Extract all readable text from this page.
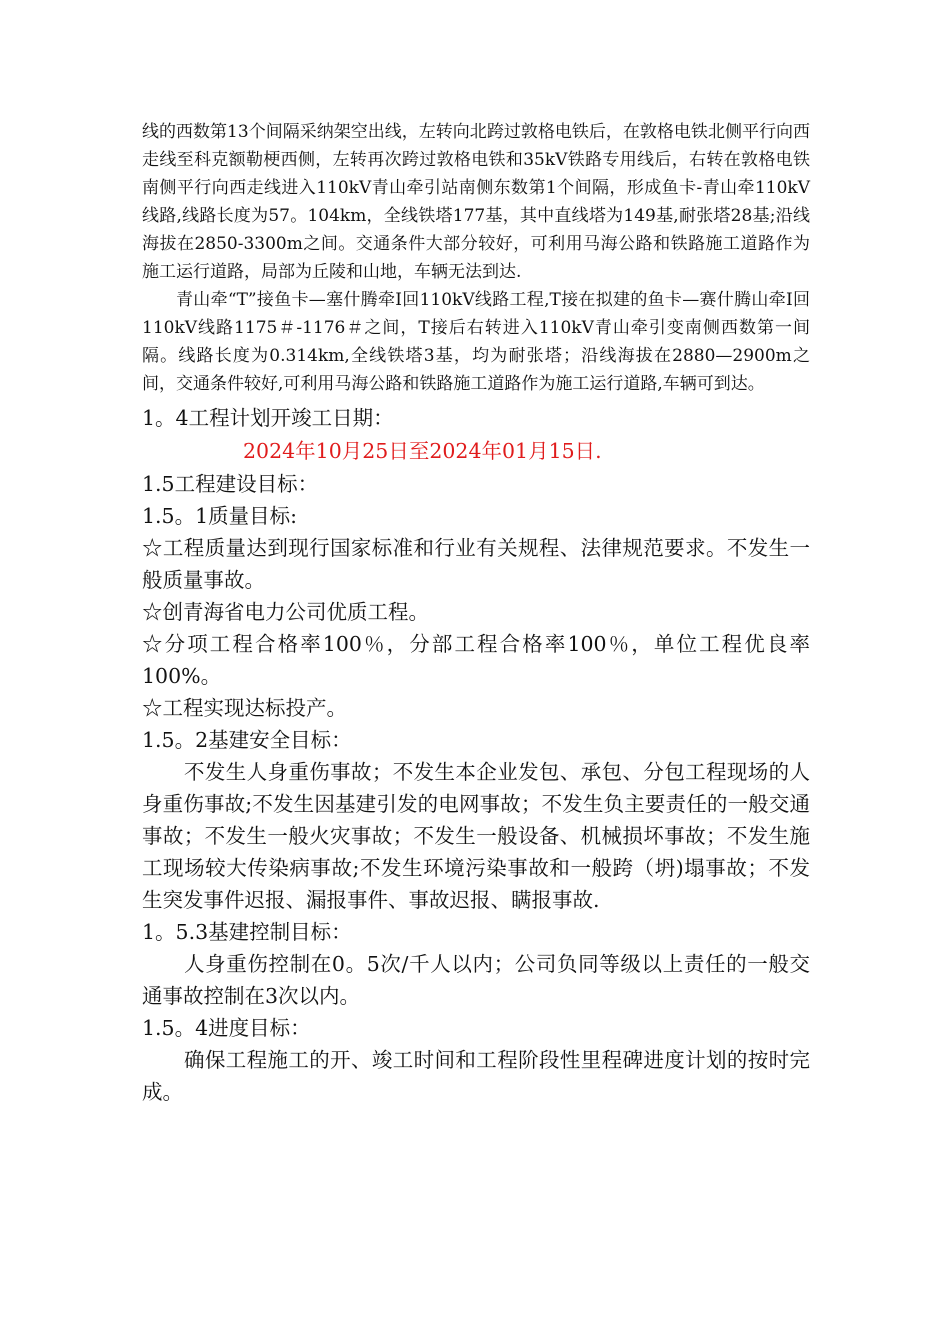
线的西数第13个间隔采纳架空出线，左转向北跨过敦格电铁后，在敦格电铁北侧平行向西走线至科克额勒梗西侧，左转再次跨过敦格电铁和35kV铁路专用线后，右转在敦格电铁南侧平行向西走线进入110kV青山牵引站南侧东数第1个间隔，形成鱼卡-青山牵110kV线路,线路长度为57。104km，全线铁塔177基，其中直线塔为149基,耐张塔28基;沿线海拔在2850-3300m之间。交通条件大部分较好，可利用马海公路和铁路施工道路作为施工运行道路，局部为丘陵和山地，车辆无法到达.

青山牵“T”接鱼卡—塞什腾牵I回110kV线路工程,T接在拟建的鱼卡—赛什腾山牵I回110kV线路1175＃-1176＃之间，T接后右转进入110kV青山牵引变南侧西数第一间隔。线路长度为0.314km,全线铁塔3基，均为耐张塔；沿线海拔在2880—2900m之间，交通条件较好,可利用马海公路和铁路施工道路作为施工运行道路,车辆可到达。

1。4工程计划开竣工日期：

2024年10月25日至2024年01月15日.

1.5工程建设目标：

1.5。1质量目标:

☆工程质量达到现行国家标准和行业有关规程、法律规范要求。不发生一般质量事故。

☆创青海省电力公司优质工程。

☆分项工程合格率100％，分部工程合格率100％，单位工程优良率100%。

☆工程实现达标投产。

1.5。2基建安全目标：

不发生人身重伤事故；不发生本企业发包、承包、分包工程现场的人身重伤事故;不发生因基建引发的电网事故；不发生负主要责任的一般交通事故；不发生一般火灾事故；不发生一般设备、机械损坏事故；不发生施工现场较大传染病事故;不发生环境污染事故和一般跨（坍)塌事故；不发生突发事件迟报、漏报事件、事故迟报、瞒报事故.

1。5.3基建控制目标：

人身重伤控制在0。5次/千人以内；公司负同等级以上责任的一般交通事故控制在3次以内。

1.5。4进度目标：

确保工程施工的开、竣工时间和工程阶段性里程碑进度计划的按时完成。
